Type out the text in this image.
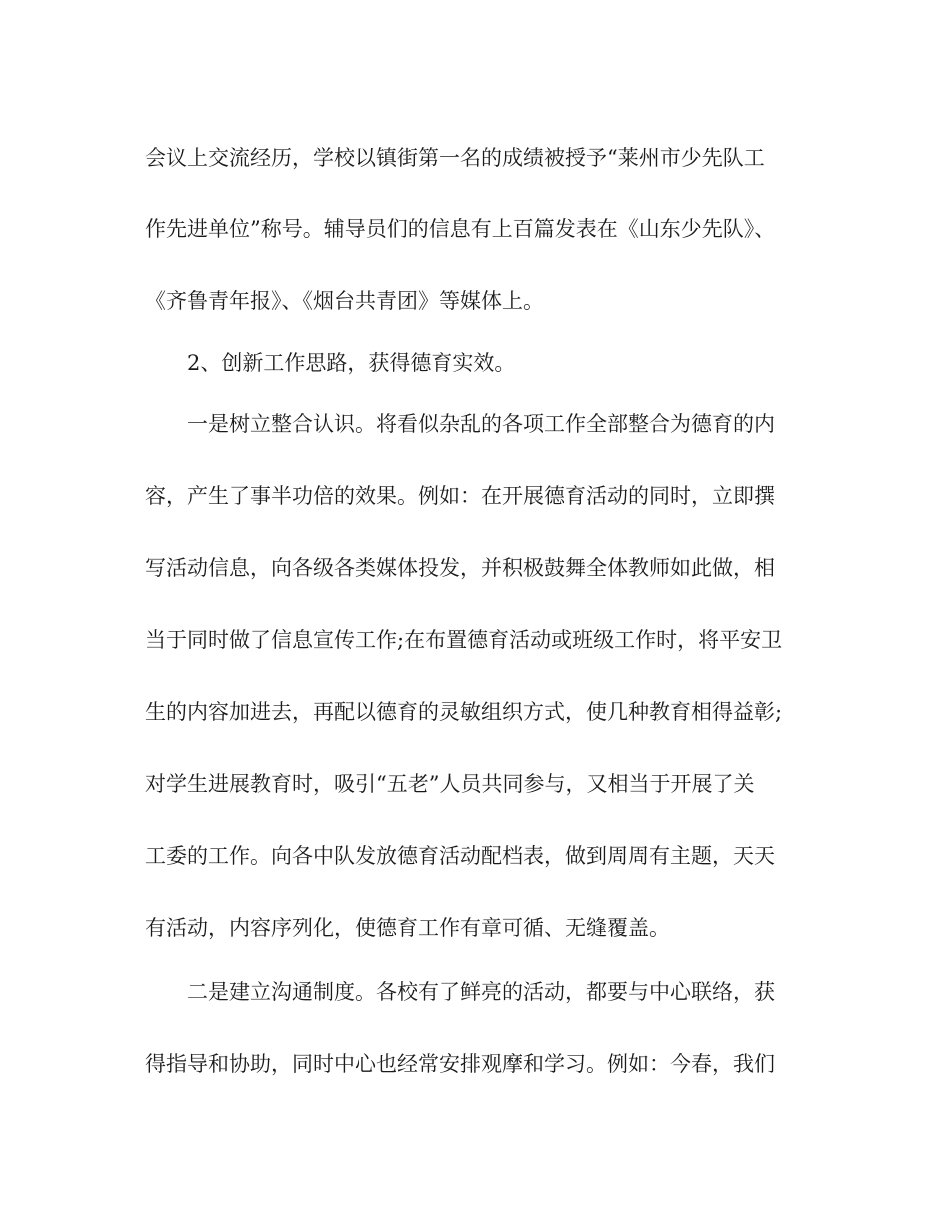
会议上交流经历，学校以镇街第一名的成绩被授予“莱州市少先队工
作先进单位”称号。辅导员们的信息有上百篇发表在《山东少先队》、
《齐鲁青年报》、《烟台共青团》等媒体上。
2、创新工作思路，获得德育实效。
一是树立整合认识。将看似杂乱的各项工作全部整合为德育的内
容，产生了事半功倍的效果。例如：在开展德育活动的同时，立即撰
写活动信息，向各级各类媒体投发，并积极鼓舞全体教师如此做，相
当于同时做了信息宣传工作;在布置德育活动或班级工作时，将平安卫
生的内容加进去，再配以德育的灵敏组织方式，使几种教育相得益彰;
对学生进展教育时，吸引“五老”人员共同参与，又相当于开展了关
工委的工作。向各中队发放德育活动配档表，做到周周有主题，天天
有活动，内容序列化，使德育工作有章可循、无缝覆盖。
二是建立沟通制度。各校有了鲜亮的活动，都要与中心联络，获
得指导和协助，同时中心也经常安排观摩和学习。例如：今春，我们
